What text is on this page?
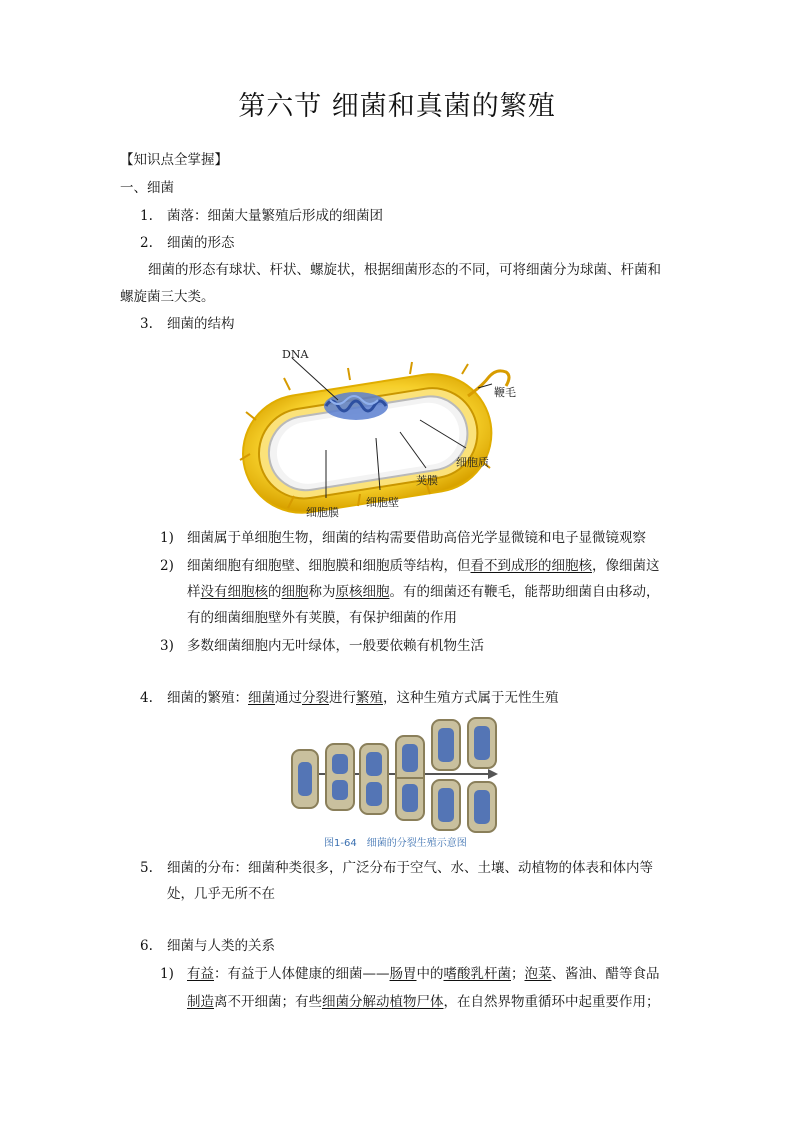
第六节 细菌和真菌的繁殖
【知识点全掌握】
一、细菌
1. 菌落：细菌大量繁殖后形成的细菌团
2. 细菌的形态
细菌的形态有球状、杆状、螺旋状，根据细菌形态的不同，可将细菌分为球菌、杆菌和
螺旋菌三大类。
3. 细菌的结构
DNA
鞭毛
细胞质
荚膜
细胞壁
细胞膜
1) 细菌属于单细胞生物，细菌的结构需要借助高倍光学显微镜和电子显微镜观察
2) 细菌细胞有细胞壁、细胞膜和细胞质等结构，但看不到成形的细胞核，像细菌这
样没有细胞核的细胞称为原核细胞。有的细菌还有鞭毛，能帮助细菌自由移动，
有的细菌细胞壁外有荚膜，有保护细菌的作用
3) 多数细菌细胞内无叶绿体，一般要依赖有机物生活
4. 细菌的繁殖：细菌通过分裂进行繁殖，这种生殖方式属于无性生殖
图1-64　细菌的分裂生殖示意图
5. 细菌的分布：细菌种类很多，广泛分布于空气、水、土壤、动植物的体表和体内等
处，几乎无所不在
6. 细菌与人类的关系
1) 有益：有益于人体健康的细菌——肠胃中的嗜酸乳杆菌；泡菜、酱油、醋等食品
制造离不开细菌；有些细菌分解动植物尸体，在自然界物重循环中起重要作用；
